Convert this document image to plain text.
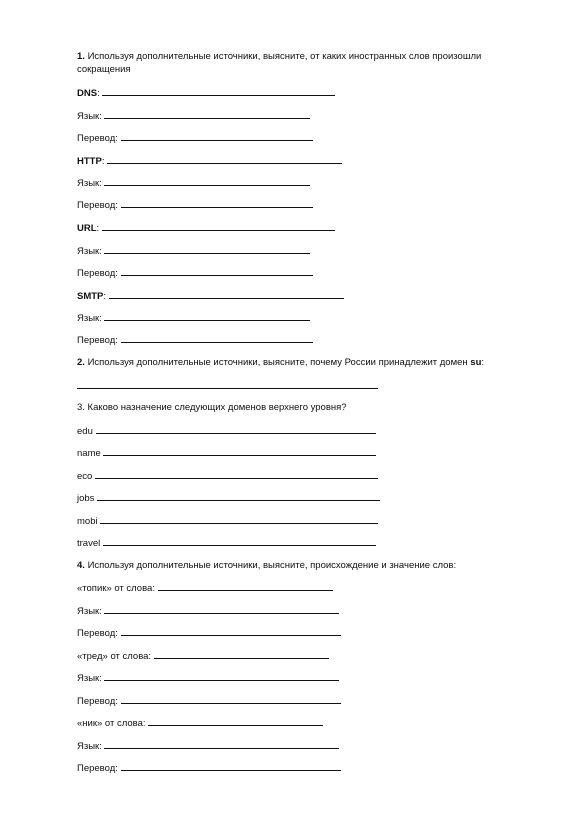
1. Используя дополнительные источники, выясните, от каких иностранных слов произошли сокращения
DNS:
Язык:
Перевод:
HTTP:
Язык:
Перевод:
URL:
Язык:
Перевод:
SMTP:
Язык:
Перевод:
2. Используя дополнительные источники, выясните, почему России принадлежит домен su:
3. Каково назначение следующих доменов верхнего уровня?
edu
name
eco
jobs
mobi
travel
4. Используя дополнительные источники, выясните, происхождение и значение слов:
«топик» от слова:
Язык:
Перевод:
«тред» от слова:
Язык:
Перевод:
«ник» от слова:
Язык:
Перевод:
